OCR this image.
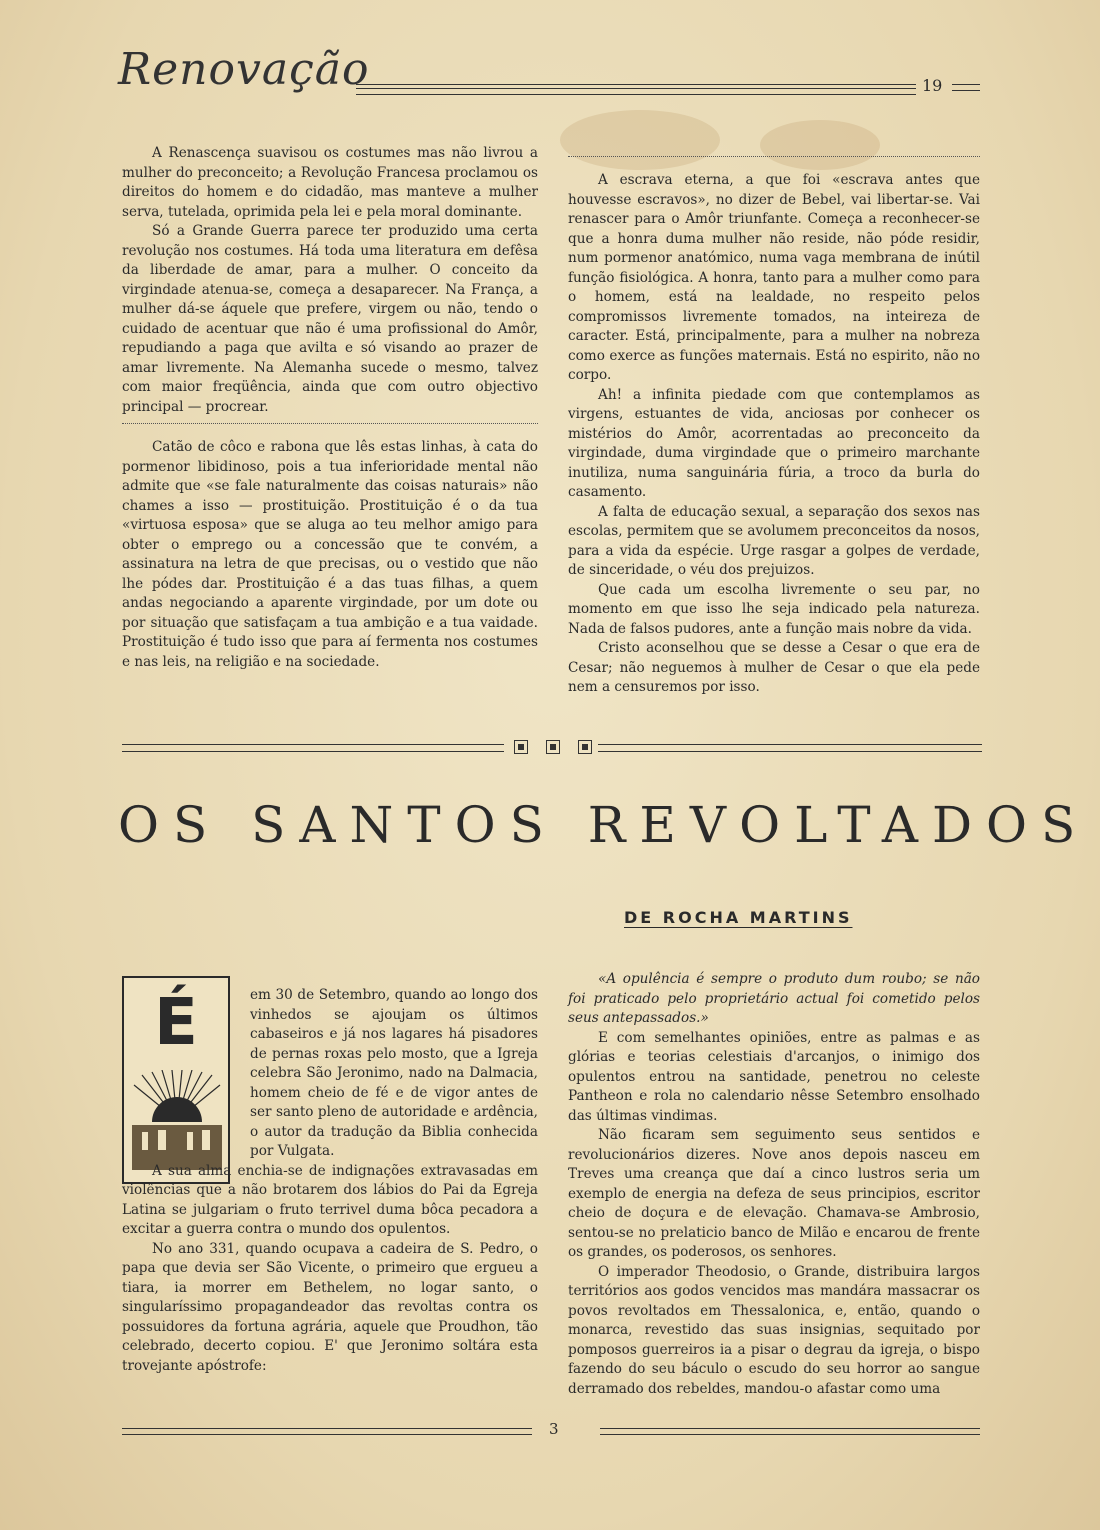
Renovação	19

A Renascença suavisou os costumes mas não livrou a mulher do preconceito; a Revolução Francesa proclamou os direitos do homem e do cidadão, mas manteve a mulher serva, tutelada, oprimida pela lei e pela moral dominante.

Só a Grande Guerra parece ter produzido uma certa revolução nos costumes. Há toda uma literatura em defêsa da liberdade de amar, para a mulher. O conceito da virgindade atenua-se, começa a desaparecer. Na França, a mulher dá-se áquele que prefere, virgem ou não, tendo o cuidado de acentuar que não é uma profissional do Amôr, repudiando a paga que avilta e só visando ao prazer de amar livremente. Na Alemanha sucede o mesmo, talvez com maior freqüência, ainda que com outro objectivo principal — procrear.

Catão de côco e rabona que lês estas linhas, à cata do pormenor libidinoso, pois a tua inferioridade mental não admite que «se fale naturalmente das coisas naturais» não chames a isso — prostituição. Prostituição é o da tua «virtuosa esposa» que se aluga ao teu melhor amigo para obter o emprego ou a concessão que te convém, a assinatura na letra de que precisas, ou o vestido que não lhe pódes dar. Prostituição é a das tuas filhas, a quem andas negociando a aparente virgindade, por um dote ou por situação que satisfaçam a tua ambição e a tua vaidade. Prostituição é tudo isso que para aí fermenta nos costumes e nas leis, na religião e na sociedade.

A escrava eterna, a que foi «escrava antes que houvesse escravos», no dizer de Bebel, vai libertar-se. Vai renascer para o Amôr triunfante. Começa a reconhecer-se que a honra duma mulher não reside, não póde residir, num pormenor anatómico, numa vaga membrana de inútil função fisiológica. A honra, tanto para a mulher como para o homem, está na lealdade, no respeito pelos compromissos livremente tomados, na inteireza de caracter. Está, principalmente, para a mulher na nobreza como exerce as funções maternais. Está no espirito, não no corpo.

Ah! a infinita piedade com que contemplamos as virgens, estuantes de vida, anciosas por conhecer os mistérios do Amôr, acorrentadas ao preconceito da virgindade, duma virgindade que o primeiro marchante inutiliza, numa sanguinária fúria, a troco da burla do casamento.

A falta de educação sexual, a separação dos sexos nas escolas, permitem que se avolumem preconceitos da nosos, para a vida da espécie. Urge rasgar a golpes de verdade, de sinceridade, o véu dos prejuizos.

Que cada um escolha livremente o seu par, no momento em que isso lhe seja indicado pela natureza. Nada de falsos pudores, ante a função mais nobre da vida.

Cristo aconselhou que se desse a Cesar o que era de Cesar; não neguemos à mulher de Cesar o que ela pede nem a censuremos por isso.

OS SANTOS REVOLTADOS
DE ROCHA MARTINS
É	em 30 de Setembro, quando ao longo dos vinhedos se ajoujam os últimos cabaseiros e já nos lagares há pisadores de pernas roxas pelo mosto, que a Igreja celebra São Jeronimo, nado na Dalmacia, homem cheio de fé e de vigor antes de ser santo pleno de autoridade e ardência, o autor da tradução da Biblia conhecida por Vulgata.

A sua alma enchia-se de indignações extravasadas em violências que a não brotarem dos lábios do Pai da Egreja Latina se julgariam o fruto terrivel duma bôca pecadora a excitar a guerra contra o mundo dos opulentos.

No ano 331, quando ocupava a cadeira de S. Pedro, o papa que devia ser São Vicente, o primeiro que ergueu a tiara, ia morrer em Bethelem, no logar santo, o singularíssimo propagandeador das revoltas contra os possuidores da fortuna agrária, aquele que Proudhon, tão celebrado, decerto copiou. E' que Jeronimo soltára esta trovejante apóstrofe:

«A opulência é sempre o produto dum roubo; se não foi praticado pelo proprietário actual foi cometido pelos seus antepassados.»

E com semelhantes opiniões, entre as palmas e as glórias e teorias celestiais d'arcanjos, o inimigo dos opulentos entrou na santidade, penetrou no celeste Pantheon e rola no calendario nêsse Setembro ensolhado das últimas vindimas.

Não ficaram sem seguimento seus sentidos e revolucionários dizeres. Nove anos depois nasceu em Treves uma creança que daí a cinco lustros seria um exemplo de energia na defeza de seus principios, escritor cheio de doçura e de elevação. Chamava-se Ambrosio, sentou-se no prelaticio banco de Milão e encarou de frente os grandes, os poderosos, os senhores.

O imperador Theodosio, o Grande, distribuira largos territórios aos godos vencidos mas mandára massacrar os povos revoltados em Thessalonica, e, então, quando o monarca, revestido das suas insignias, sequitado por pomposos guerreiros ia a pisar o degrau da igreja, o bispo fazendo do seu báculo o escudo do seu horror ao sangue derramado dos rebeldes, mandou-o afastar como uma

3
